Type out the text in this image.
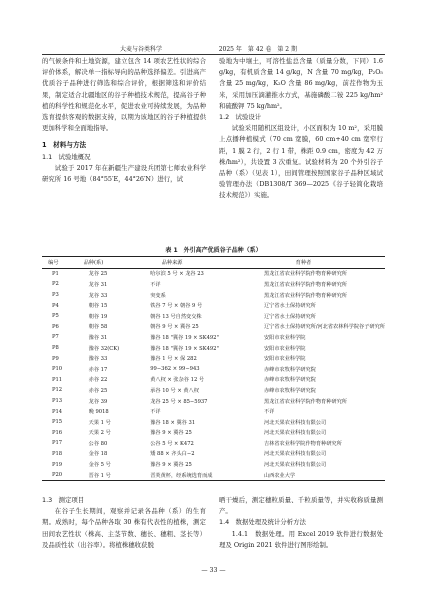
大麦与谷类科学	2025 年　第 42 卷　第 2 期

的气候条件和土地资源，建立包含 14 项农艺性状的综合评价体系，解决单一指标导向的品种选择偏差。引进高产优质谷子品种进行筛选和综合评价，根据筛选和评价结果，制定适合北疆地区的谷子种植技术规范，提高谷子种植的科学性和规范化水平，促进农业可持续发展，为品种选育提供客观的数据支持，以期为该地区的谷子种植提供更加科学和全面地指导。

1　材料与方法

1.1　试验地概况

试验于 2017 年在新疆生产建设兵团第七师农业科学研究所 16 号地（84°55′E，44°26′N）进行，试

验地为中壤土，可溶性盐总含量（质量分数，下同）1.6 g/kg，有机质含量 14 g/kg，N 含量 70 mg/kg，P₂O₅ 含量 25 mg/kg，K₂O 含量 86 mg/kg，前茬作物为玉米，采用加压滴灌推水方式，基施磷酸二铵 225 kg/hm² 和硫酸钾 75 kg/hm²。

1.2　试验设计

试验采用随机区组设计，小区面积为 10 m²，采用膜上点播种植模式（70 cm 宽膜，60 cm+40 cm 宽窄行距，1 膜 2 行，2 行 1 带，株距 0.9 cm，密度为 42 万株/hm²），共设置 3 次重复。试验材料为 20 个外引谷子品种（系）（见表 1），田间管理按照国家谷子品种区域试验管理办法（DB1308/T 369—2025《谷子轻简化栽培技术规范》）实施。

表 1　外引高产优质谷子品种（系）
编号	品种(系)	品种来源	育种者
P1	龙谷 25	哈尔滨 5 号 × 龙谷 23	黑龙江省农业科学院作物育种研究所
P2	龙谷 31	不详	黑龙江省农业科学院作物育种研究所
P3	龙谷 33	突变系	黑龙江省农业科学院作物育种研究所
P4	朝谷 15	铁谷 7 号 × 朝谷 9 号	辽宁省水土保持研究所
P5	朝谷 19	朝谷 13 号自然变交株	辽宁省水土保持研究所
P6	朝谷 58	朝谷 9 号 × 冀谷 25	辽宁省水土保持研究所/河北省农林科学院谷子研究所
P7	豫谷 31	豫谷 18 "冀谷 19 × SK492"	安阳市农业科学院
P8	豫谷 32(CK)	豫谷 18 "冀谷 19 × SK492"	安阳市农业科学院
P9	豫谷 33	豫谷 1 号 × 保 282	安阳市农业科学院
P10	赤谷 17	99−362 × 99−943	赤峰市农牧科学研究院
P11	赤谷 22	黄八杈 × 张杂谷 12 号	赤峰市农牧科学研究院
P12	赤谷 25	承谷 10 号 × 黄八杈	赤峰市农牧科学研究院
P13	龙谷 39	龙谷 25 号 × 85−5937	黑龙江省农业科学院作物育种研究所
P14	晚 9018	不详	不详
P15	天果 1 号	豫谷 18 × 冀谷 31	河北天果农业科技有限公司
P16	天果 2 号	豫谷 9 × 冀谷 25	河北天果农业科技有限公司
P17	公谷 80	公谷 5 号 × K472	吉林省农业科学院作物育种研究所
P18	金谷 18	矮 88 × 齐头白−2	河北天果农业科技有限公司
P19	金谷 5 号	豫谷 9 × 冀谷 25	河北天果农业科技有限公司
P20	晋谷 1 号	晋荚黄杯，经系统选育而成	山西农业大学

1.3　测定项目

在谷子生长期间，观察并记录各品种（系）的生育期。成熟时，每个品种各取 30 株有代表性的植株，测定田间农艺性状（株高、主茎节数、穗长、穗粗、茎长等）及品质性状（出谷率）。将植株穗收获脱

晒干燥后，测定穗粒质量、千粒质量等，并实收称质量测产。

1.4　数据处理及统计分析方法

1.4.1　数据处理。用 Excel 2019 软件进行数据处理及 Origin 2021 软件进行图形绘制。

— 33 —
